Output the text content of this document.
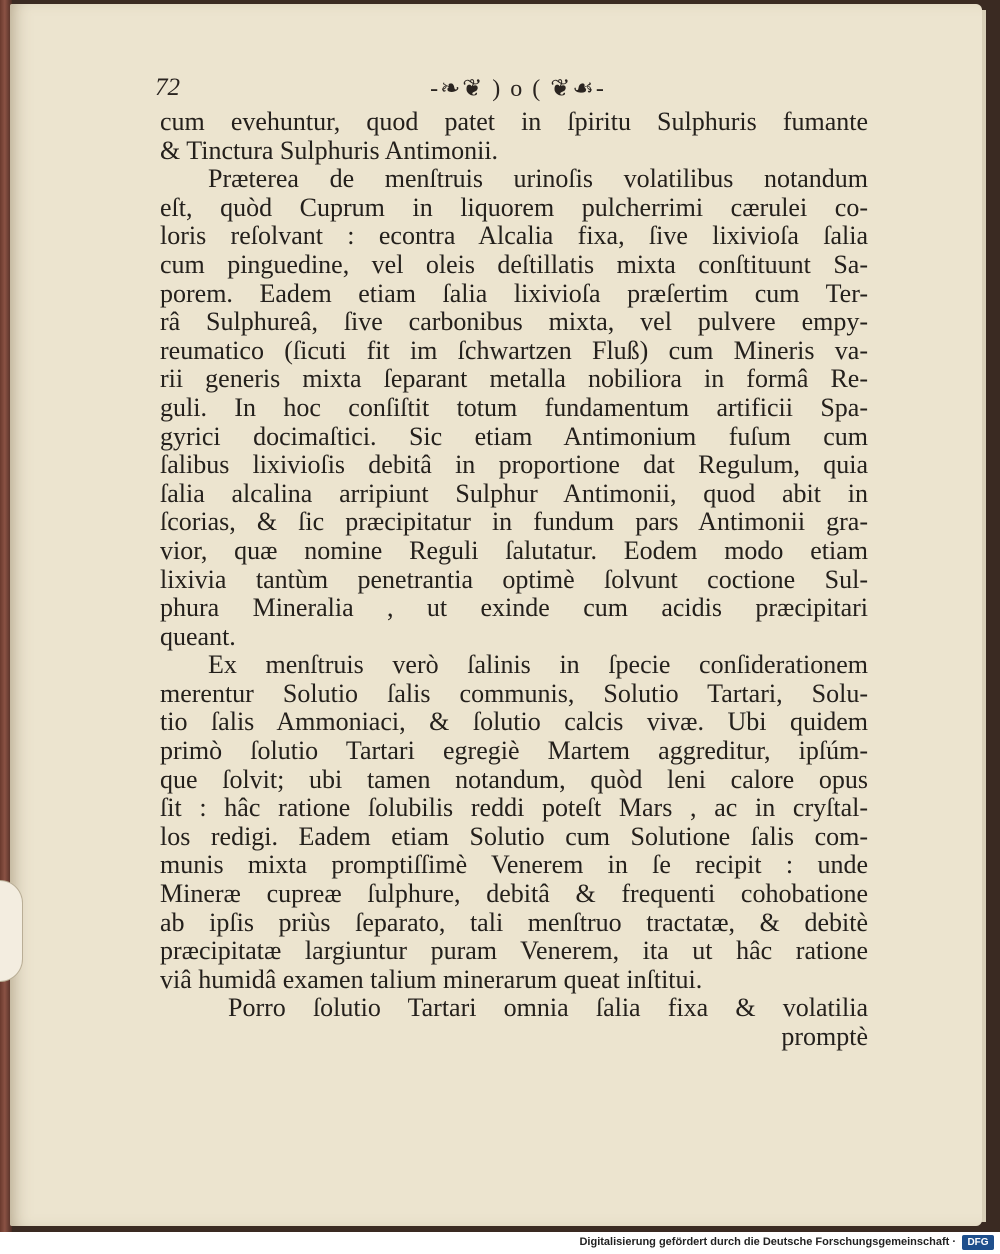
72	-❧❦ ) o ( ❦☙-
cum evehuntur, quod patet in ſpiritu Sulphuris fumante
& Tinctura Sulphuris Antimonii.
Præterea de menſtruis urinoſis volatilibus notandum
eſt, quòd Cuprum in liquorem pulcherrimi cærulei co-
loris reſolvant : econtra Alcalia fixa, ſive lixivioſa ſalia
cum pinguedine, vel oleis deſtillatis mixta conſtituunt Sa-
porem. Eadem etiam ſalia lixivioſa præſertim cum Ter-
râ Sulphureâ, ſive carbonibus mixta, vel pulvere empy-
reumatico (ſicuti fit im ſchwartzen Fluß) cum Mineris va-
rii generis mixta ſeparant metalla nobiliora in formâ Re-
guli. In hoc conſiſtit totum fundamentum artificii Spa-
gyrici docimaſtici. Sic etiam Antimonium fuſum cum
ſalibus lixivioſis debitâ in proportione dat Regulum, quia
ſalia alcalina arripiunt Sulphur Antimonii, quod abit in
ſcorias, & ſic præcipitatur in fundum pars Antimonii gra-
vior, quæ nomine Reguli ſalutatur. Eodem modo etiam
lixivia tantùm penetrantia optimè ſolvunt coctione Sul-
phura Mineralia , ut exinde cum acidis præcipitari
queant.
Ex menſtruis verò ſalinis in ſpecie conſiderationem
merentur Solutio ſalis communis, Solutio Tartari, Solu-
tio ſalis Ammoniaci, & ſolutio calcis vivæ. Ubi quidem
primò ſolutio Tartari egregiè Martem aggreditur, ipſúm-
que ſolvit; ubi tamen notandum, quòd leni calore opus
ſit : hâc ratione ſolubilis reddi poteſt Mars , ac in cryſtal-
los redigi. Eadem etiam Solutio cum Solutione ſalis com-
munis mixta promptiſſimè Venerem in ſe recipit : unde
Mineræ cupreæ ſulphure, debitâ & frequenti cohobatione
ab ipſis priùs ſeparato, tali menſtruo tractatæ, & debitè
præcipitatæ largiuntur puram Venerem, ita ut hâc ratione
viâ humidâ examen talium minerarum queat inſtitui.
Porro ſolutio Tartari omnia ſalia fixa & volatilia
promptè
Digitalisierung gefördert durch die Deutsche Forschungsgemeinschaft ·	DFG
